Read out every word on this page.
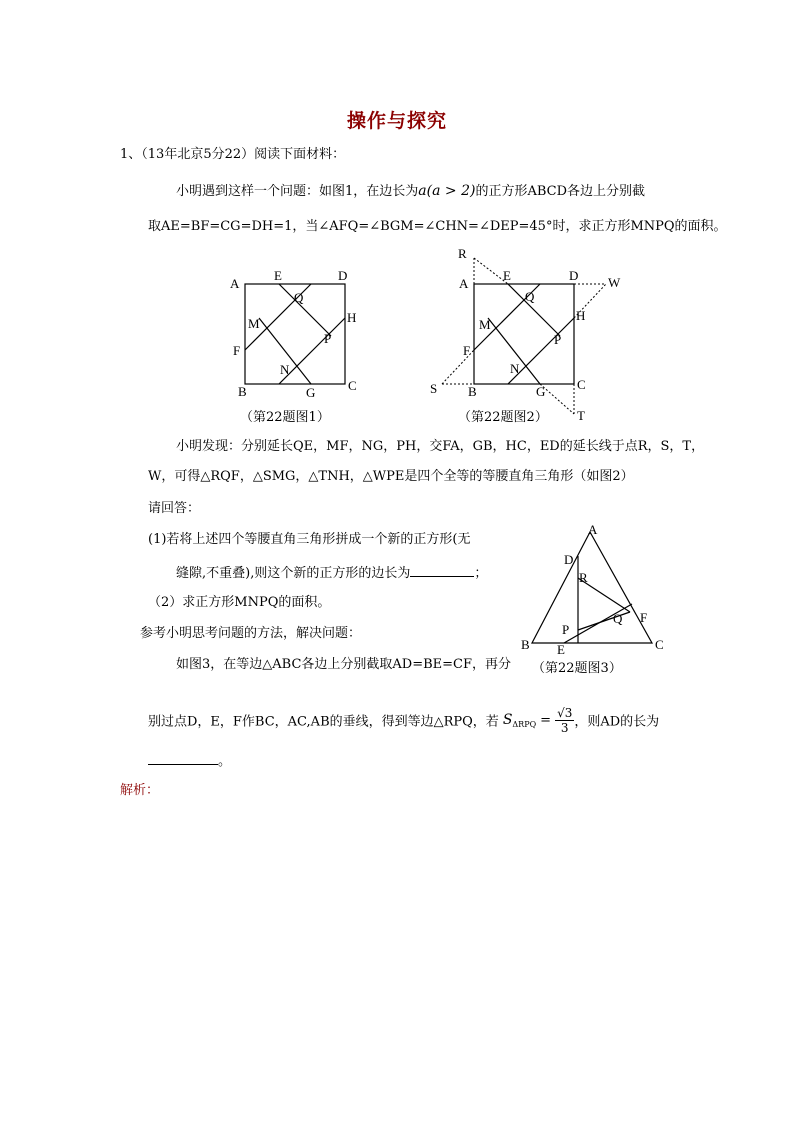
操作与探究
1、（13年北京5分22）阅读下面材料：
小明遇到这样一个问题：如图1，在边长为a(a > 2)的正方形ABCD各边上分别截
取AE=BF=CG=DH=1，当∠AFQ=∠BGM=∠CHN=∠DEP=45°时，求正方形MNPQ的面积。
A
E	D
Q
H
M
P
F
N
B	G	C
（第22题图1）
R
A
E	D W
Q
H
M
P
F
N
S B	G C
T
（第22题图2）
小明发现：分别延长QE，MF，NG，PH，交FA，GB，HC，ED的延长线于点R，S，T，
W，可得△RQF，△SMG，△TNH，△WPE是四个全等的等腰直角三角形（如图2）
请回答：
(1)若将上述四个等腰直角三角形拼成一个新的正方形(无
缝隙,不重叠),则这个新的正方形的边长为	；
（2）求正方形MNPQ的面积。
参考小明思考问题的方法，解决问题：
如图3，在等边△ABC各边上分别截取AD=BE=CF，再分
A
D
R
F
Q
P
B	C
E
（第22题图3）
别过点D，E，F作BC，AC,AB的垂线，得到等边△RPQ，若 $S_{\Delta RPQ} = \frac{√3}{3}$ ，则AD的长为
。
解析：
